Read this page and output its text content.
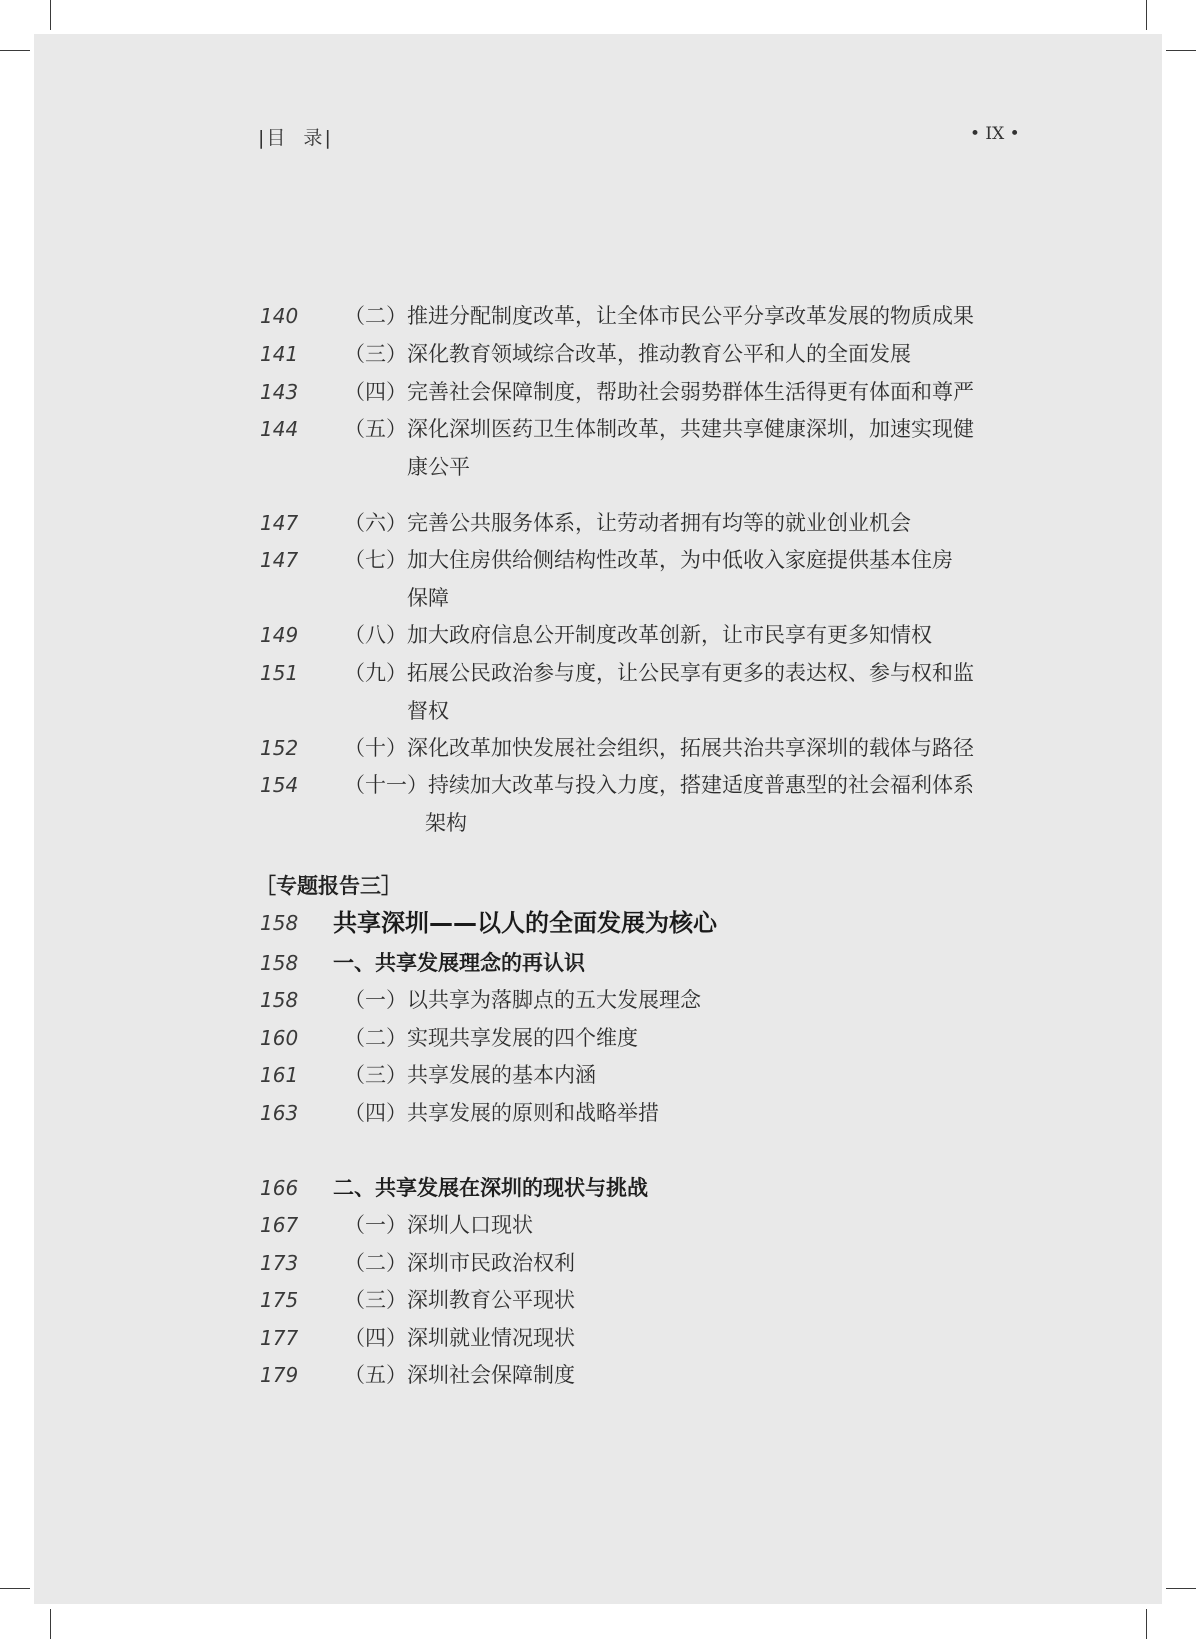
|目 录|	• IX •
［专题报告三］
140	（二）推进分配制度改革，让全体市民公平分享改革发展的物质成果
141	（三）深化教育领域综合改革，推动教育公平和人的全面发展
143	（四）完善社会保障制度，帮助社会弱势群体生活得更有体面和尊严
144	（五）深化深圳医药卫生体制改革，共建共享健康深圳，加速实现健
康公平
147	（六）完善公共服务体系，让劳动者拥有均等的就业创业机会
147	（七）加大住房供给侧结构性改革，为中低收入家庭提供基本住房
保障
149	（八）加大政府信息公开制度改革创新，让市民享有更多知情权
151	（九）拓展公民政治参与度，让公民享有更多的表达权、参与权和监
督权
152	（十）深化改革加快发展社会组织，拓展共治共享深圳的载体与路径
154	（十一）持续加大改革与投入力度，搭建适度普惠型的社会福利体系
架构
158	共享深圳——以人的全面发展为核心
158	一、共享发展理念的再认识
158	（一）以共享为落脚点的五大发展理念
160	（二）实现共享发展的四个维度
161	（三）共享发展的基本内涵
163	（四）共享发展的原则和战略举措
166	二、共享发展在深圳的现状与挑战
167	（一）深圳人口现状
173	（二）深圳市民政治权利
175	（三）深圳教育公平现状
177	（四）深圳就业情况现状
179	（五）深圳社会保障制度
